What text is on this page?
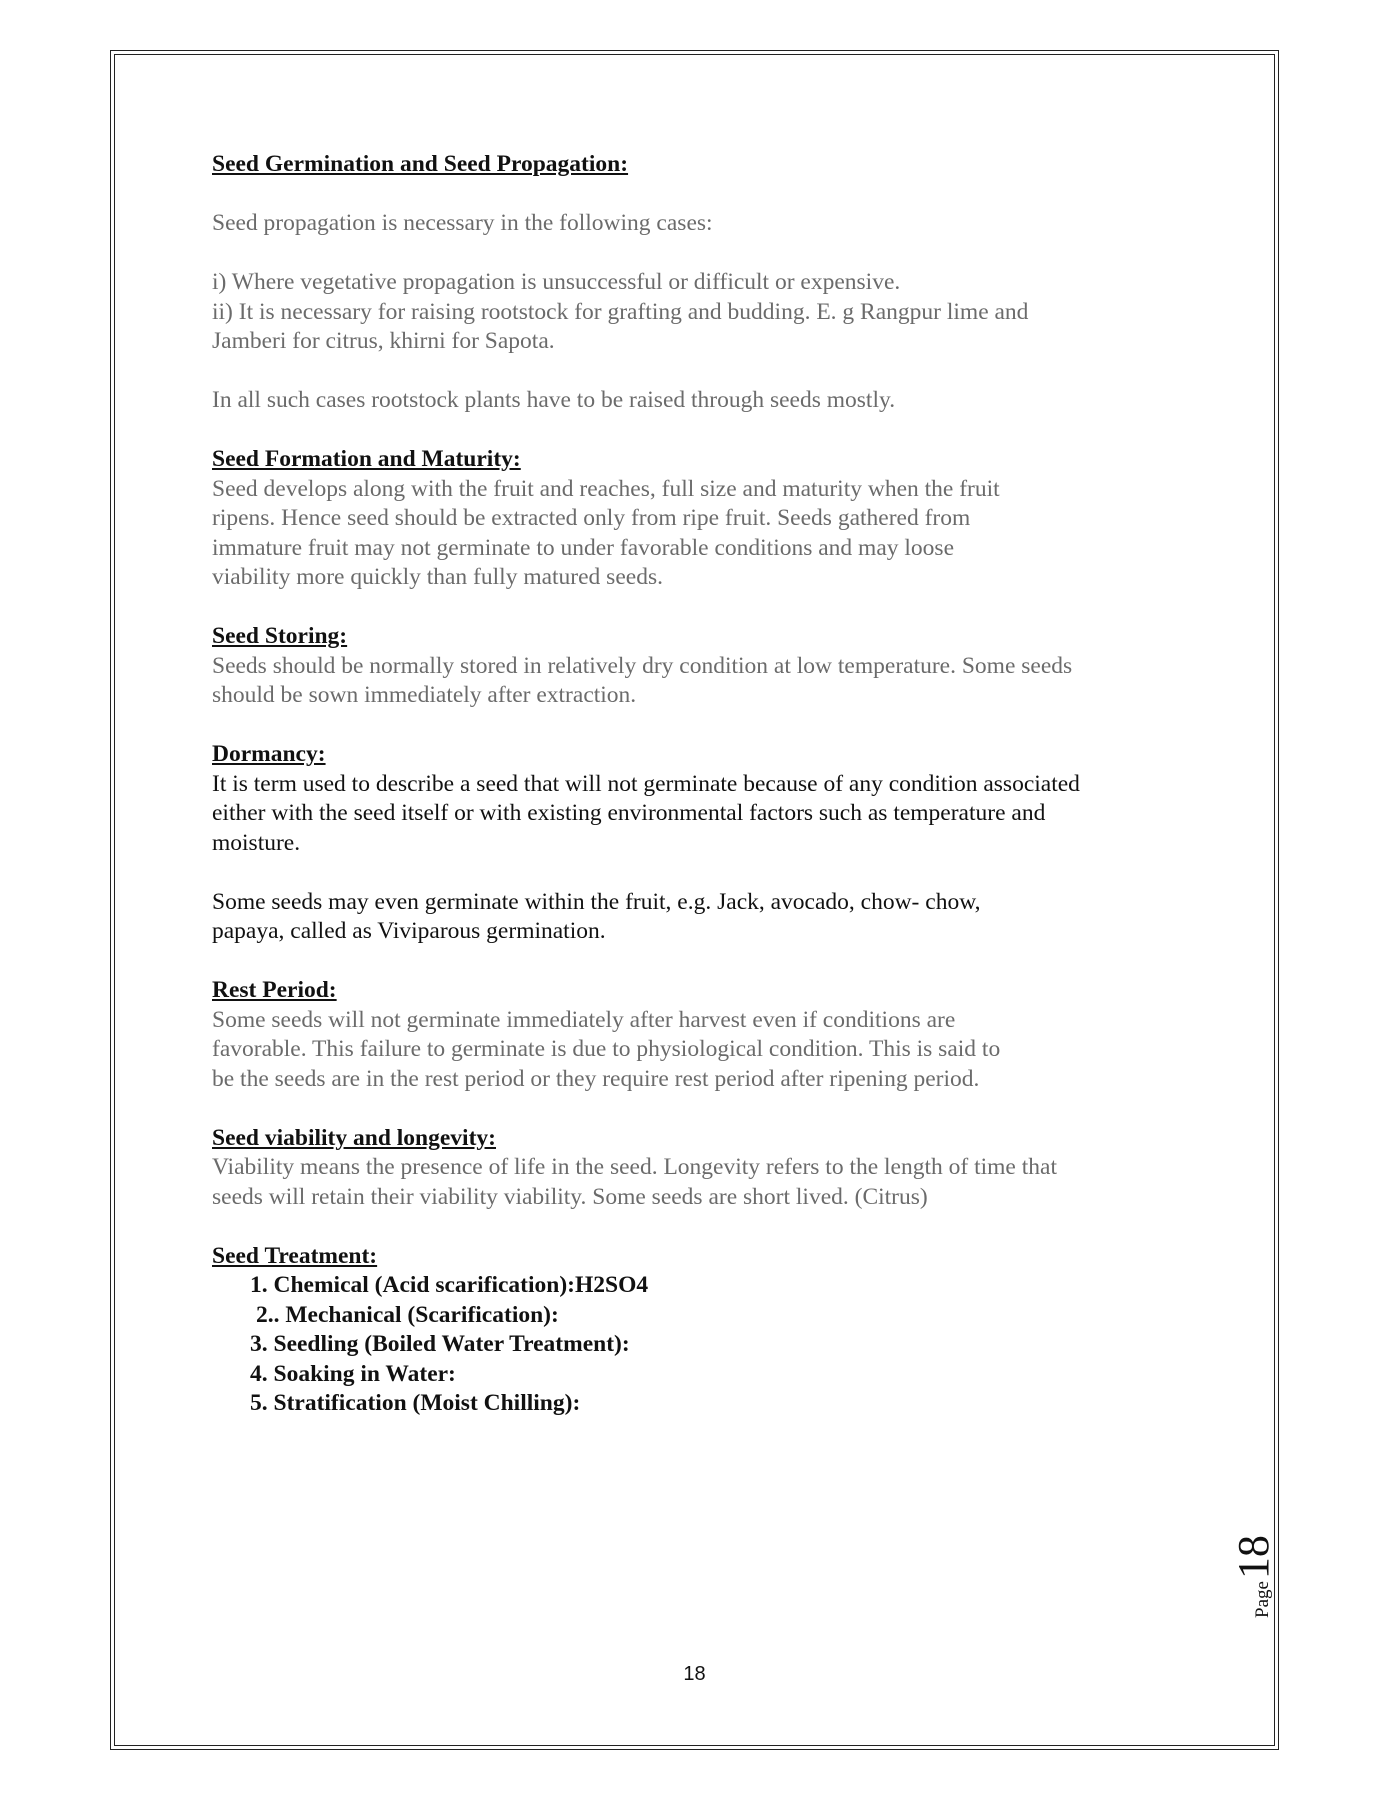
Seed Germination and Seed Propagation:

Seed propagation is necessary in the following cases:

i) Where vegetative propagation is unsuccessful or difficult or expensive.

ii) It is necessary for raising rootstock for grafting and budding. E. g Rangpur lime and

Jamberi for citrus, khirni for Sapota.

In all such cases rootstock plants have to be raised through seeds mostly.

Seed Formation and Maturity:

Seed develops along with the fruit and reaches, full size and maturity when the fruit
ripens. Hence seed should be extracted only from ripe fruit. Seeds gathered from
immature fruit may not germinate to under favorable conditions and may loose
viability more quickly than fully matured seeds.

Seed Storing:

Seeds should be normally stored in relatively dry condition at low temperature. Some seeds
should be sown immediately after extraction.

Dormancy:

It is term used to describe a seed that will not germinate because of any condition associated
either with the seed itself or with existing environmental factors such as temperature and
moisture.

Some seeds may even germinate within the fruit, e.g. Jack, avocado, chow- chow,
papaya, called as Viviparous germination.

Rest Period:

Some seeds will not germinate immediately after harvest even if conditions are
favorable. This failure to germinate is due to physiological condition. This is said to
be the seeds are in the rest period or they require rest period after ripening period.

Seed viability and longevity:

Viability means the presence of life in the seed. Longevity refers to the length of time that
seeds will retain their viability viability. Some seeds are short lived. (Citrus)

Seed Treatment:

1. Chemical (Acid scarification):H2SO4
2.. Mechanical (Scarification):
3. Seedling (Boiled Water Treatment):
4. Soaking in Water:
5. Stratification (Moist Chilling):
Page18
18
